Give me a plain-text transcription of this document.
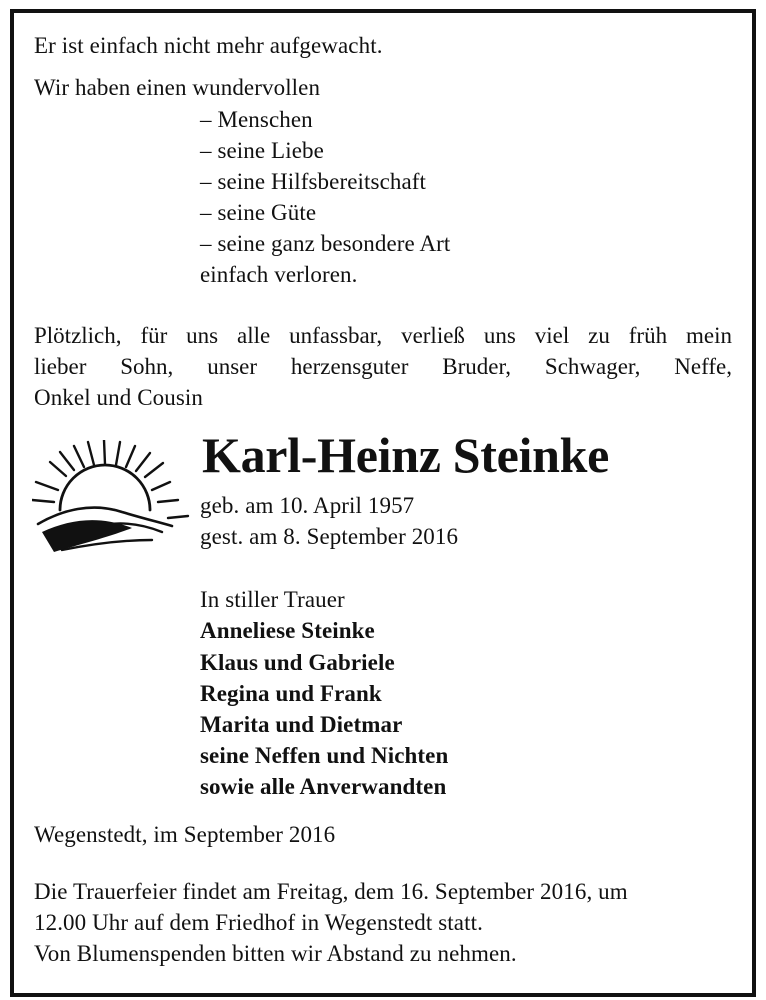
Er ist einfach nicht mehr aufgewacht.
Wir haben einen wundervollen
– Menschen
– seine Liebe
– seine Hilfsbereitschaft
– seine Güte
– seine ganz besondere Art
einfach verloren.
Plötzlich, für uns alle unfassbar, verließ uns viel zu früh mein
lieber Sohn, unser herzensguter Bruder, Schwager, Neffe,
Onkel und Cousin
Karl-Heinz Steinke
geb. am 10. April 1957
gest. am 8. September 2016
In stiller Trauer
Anneliese Steinke
Klaus und Gabriele
Regina und Frank
Marita und Dietmar
seine Neffen und Nichten
sowie alle Anverwandten
Wegenstedt, im September 2016
Die Trauerfeier findet am Freitag, dem 16. September 2016, um
12.00 Uhr auf dem Friedhof in Wegenstedt statt.
Von Blumenspenden bitten wir Abstand zu nehmen.
